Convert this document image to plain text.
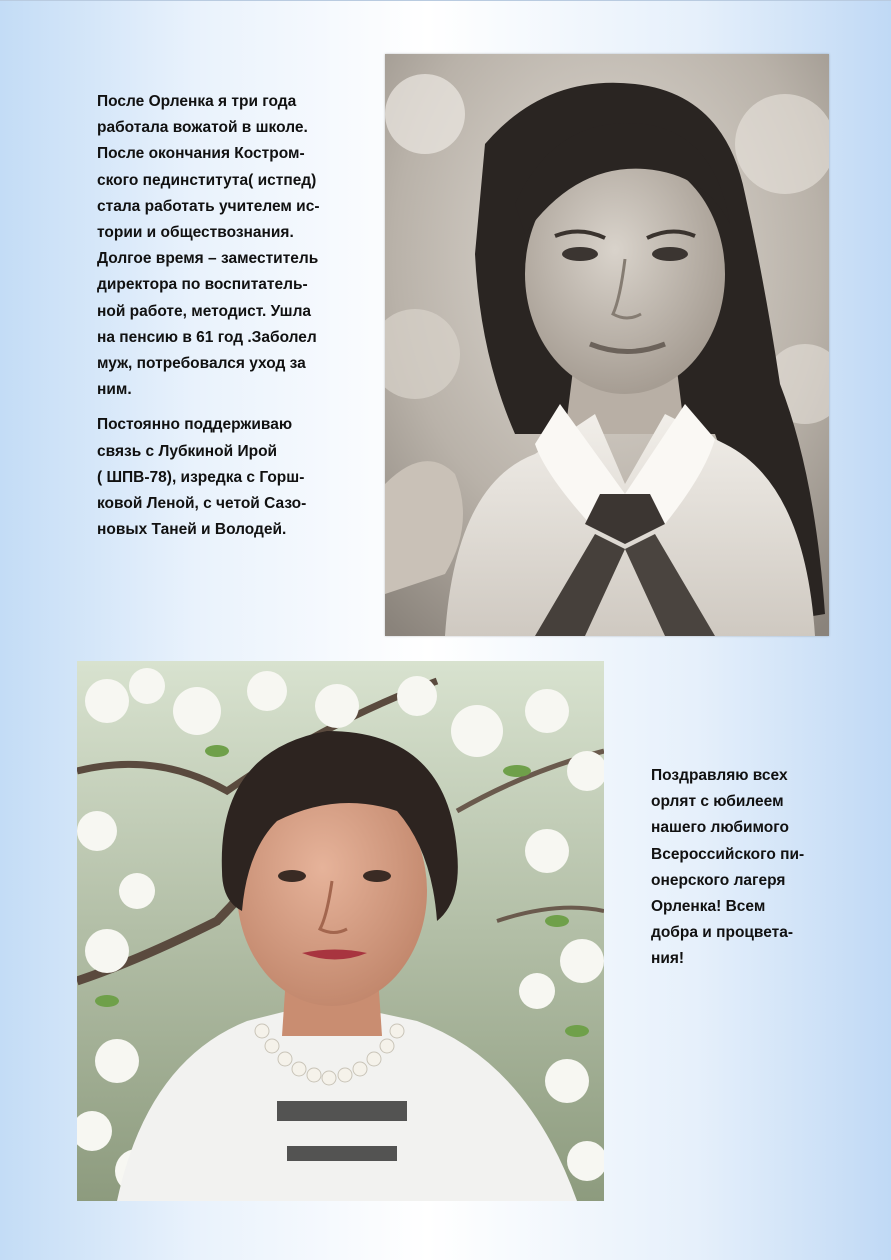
После Орленка я три года
работала вожатой в школе.
После окончания Костром-
ского пединститута( истпед)
стала работать учителем ис-
тории и обществознания.
Долгое время – заместитель
директора по воспитатель-
ной работе, методист. Ушла
на пенсию в 61 год .Заболел
муж, потребовался уход за
ним.

Постоянно поддерживаю
связь с Лубкиной Ирой
( ШПВ-78), изредка с Горш-
ковой Леной, с четой Сазо-
новых Таней и Володей.

Поздравляю всех
орлят с юбилеем
нашего любимого
Всероссийского пи-
онерского лагеря
Орленка! Всем
добра и процвета-
ния!
